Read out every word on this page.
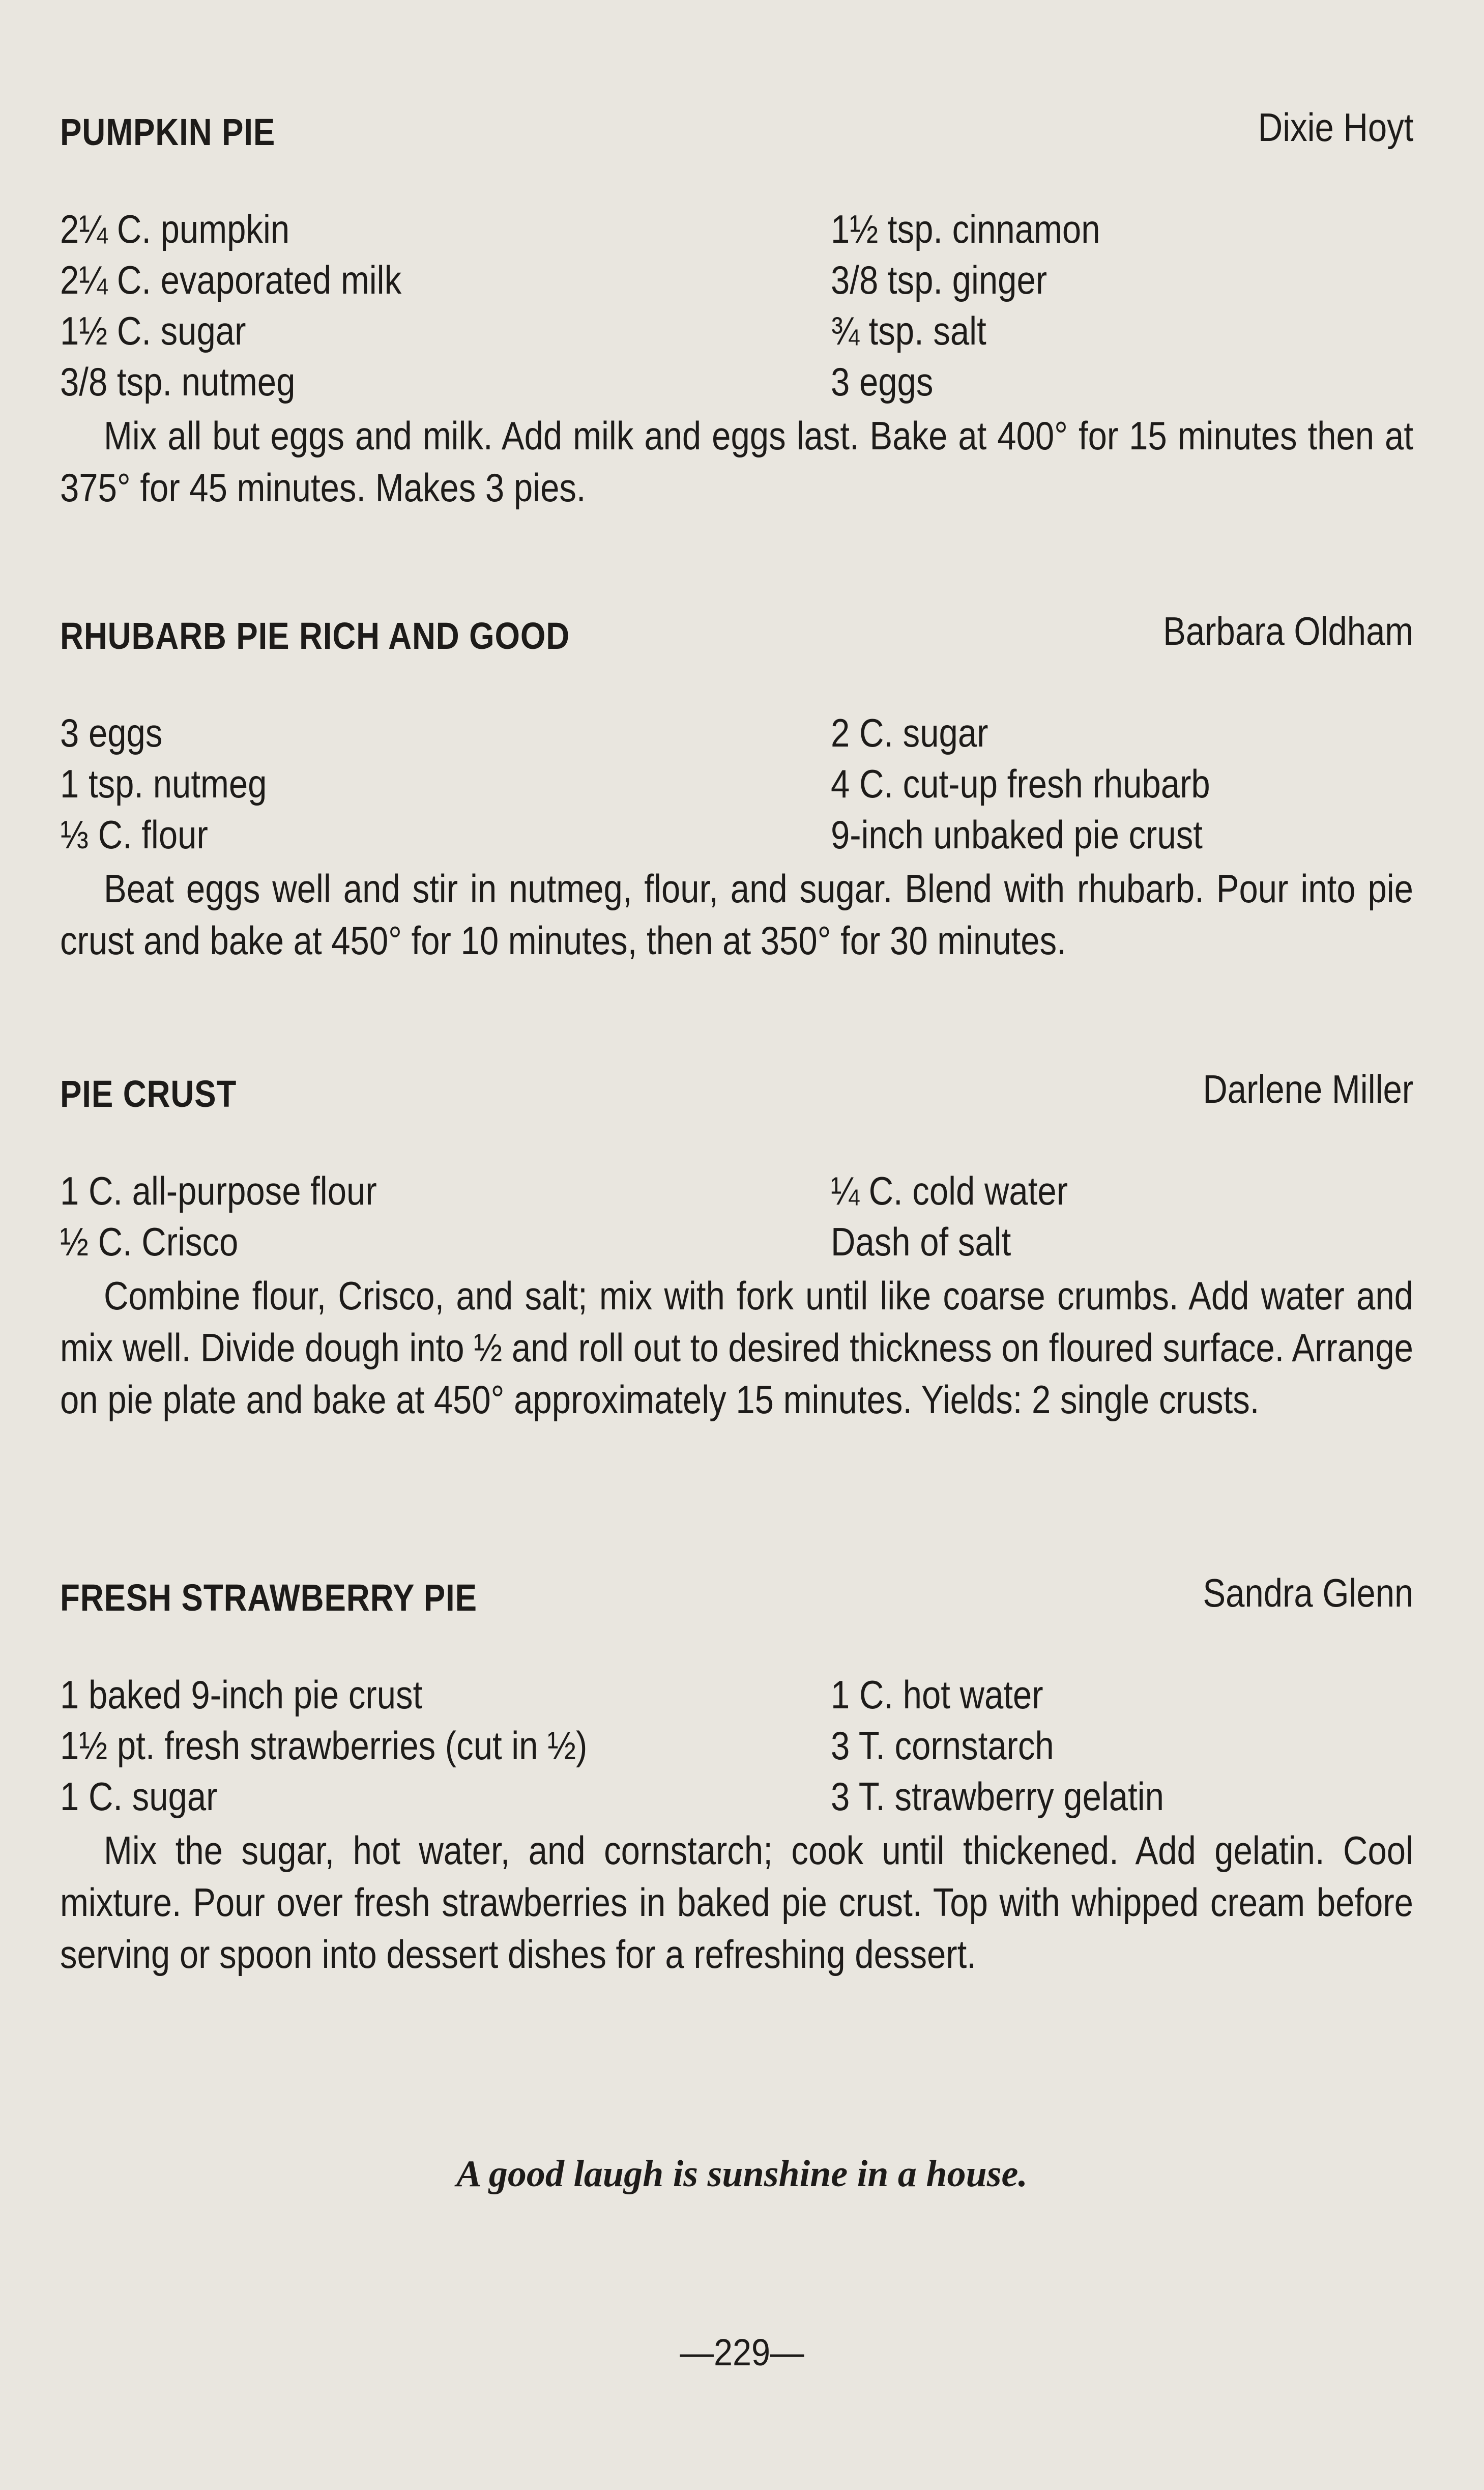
PUMPKIN PIE	Dixie Hoyt
2¼ C. pumpkin	1½ tsp. cinnamon
2¼ C. evaporated milk	3/8 tsp. ginger
1½ C. sugar	¾ tsp. salt
3/8 tsp. nutmeg	3 eggs

Mix all but eggs and milk. Add milk and eggs last. Bake at 400° for 15 minutes then at 375° for 45 minutes. Makes 3 pies.

RHUBARB PIE RICH AND GOOD	Barbara Oldham
3 eggs	2 C. sugar
1 tsp. nutmeg	4 C. cut-up fresh rhubarb
⅓ C. flour	9-inch unbaked pie crust

Beat eggs well and stir in nutmeg, flour, and sugar. Blend with rhubarb. Pour into pie crust and bake at 450° for 10 minutes, then at 350° for 30 minutes.

PIE CRUST	Darlene Miller
1 C. all-purpose flour	¼ C. cold water
½ C. Crisco	Dash of salt

Combine flour, Crisco, and salt; mix with fork until like coarse crumbs. Add water and mix well. Divide dough into ½ and roll out to desired thickness on floured surface. Arrange on pie plate and bake at 450° approximately 15 minutes. Yields: 2 single crusts.

FRESH STRAWBERRY PIE	Sandra Glenn
1 baked 9-inch pie crust	1 C. hot water
1½ pt. fresh strawberries (cut in ½)	3 T. cornstarch
1 C. sugar	3 T. strawberry gelatin

Mix the sugar, hot water, and cornstarch; cook until thickened. Add gelatin. Cool mixture. Pour over fresh strawberries in baked pie crust. Top with whipped cream before serving or spoon into dessert dishes for a refreshing dessert.

A good laugh is sunshine in a house.
—229—
